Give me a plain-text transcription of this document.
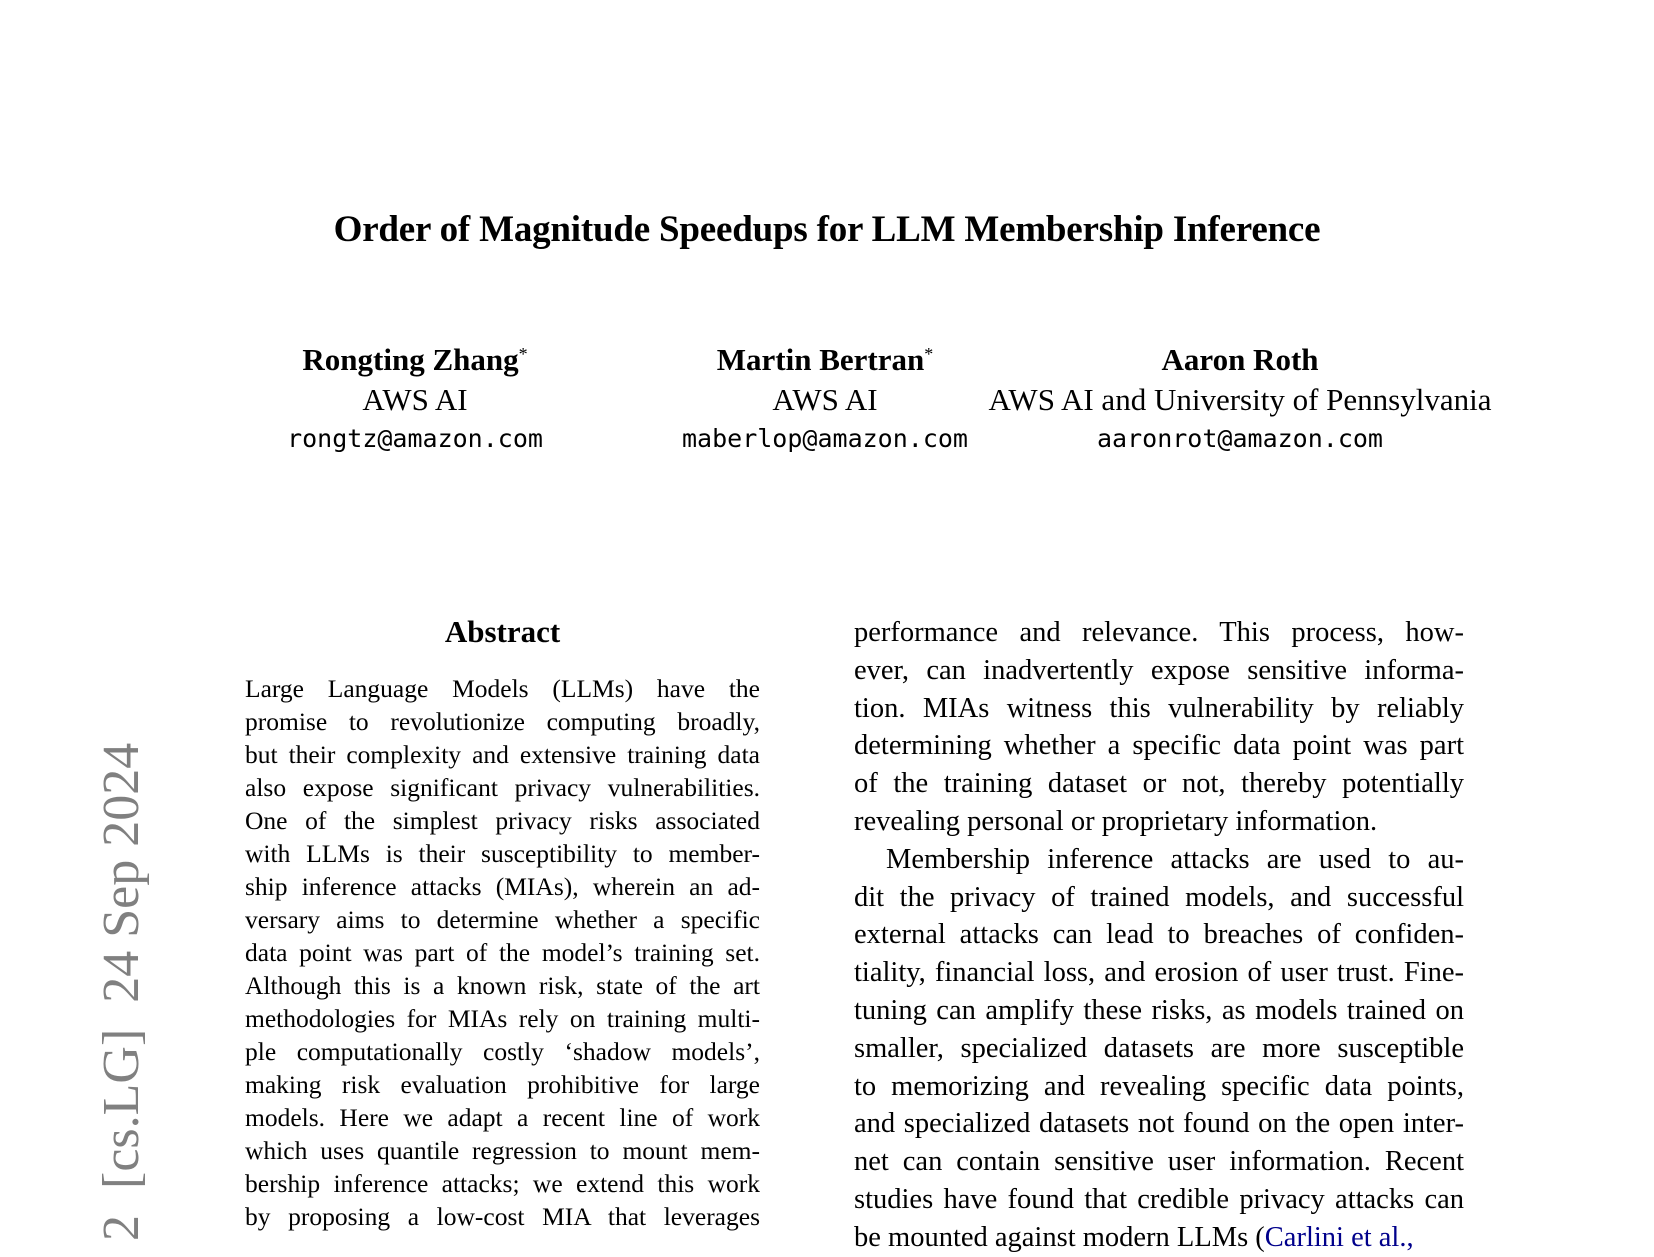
Order of Magnitude Speedups for LLM Membership Inference
Rongting Zhang*
AWS AI
rongtz@amazon.com
Martin Bertran*
AWS AI
maberlop@amazon.com
Aaron Roth
AWS AI and University of Pennsylvania
aaronrot@amazon.com
2  [cs.LG]  24 Sep 2024
Abstract
Large Language Models (LLMs) have the
promise to revolutionize computing broadly,
but their complexity and extensive training data
also expose significant privacy vulnerabilities.
One of the simplest privacy risks associated
with LLMs is their susceptibility to member-
ship inference attacks (MIAs), wherein an ad-
versary aims to determine whether a specific
data point was part of the model’s training set.
Although this is a known risk, state of the art
methodologies for MIAs rely on training multi-
ple computationally costly ‘shadow models’,
making risk evaluation prohibitive for large
models. Here we adapt a recent line of work
which uses quantile regression to mount mem-
bership inference attacks; we extend this work
by proposing a low-cost MIA that leverages
performance and relevance. This process, how-
ever, can inadvertently expose sensitive informa-
tion. MIAs witness this vulnerability by reliably
determining whether a specific data point was part
of the training dataset or not, thereby potentially
revealing personal or proprietary information.
Membership inference attacks are used to au-
dit the privacy of trained models, and successful
external attacks can lead to breaches of confiden-
tiality, financial loss, and erosion of user trust. Fine-
tuning can amplify these risks, as models trained on
smaller, specialized datasets are more susceptible
to memorizing and revealing specific data points,
and specialized datasets not found on the open inter-
net can contain sensitive user information. Recent
studies have found that credible privacy attacks can
be mounted against modern LLMs (Carlini et al.,
